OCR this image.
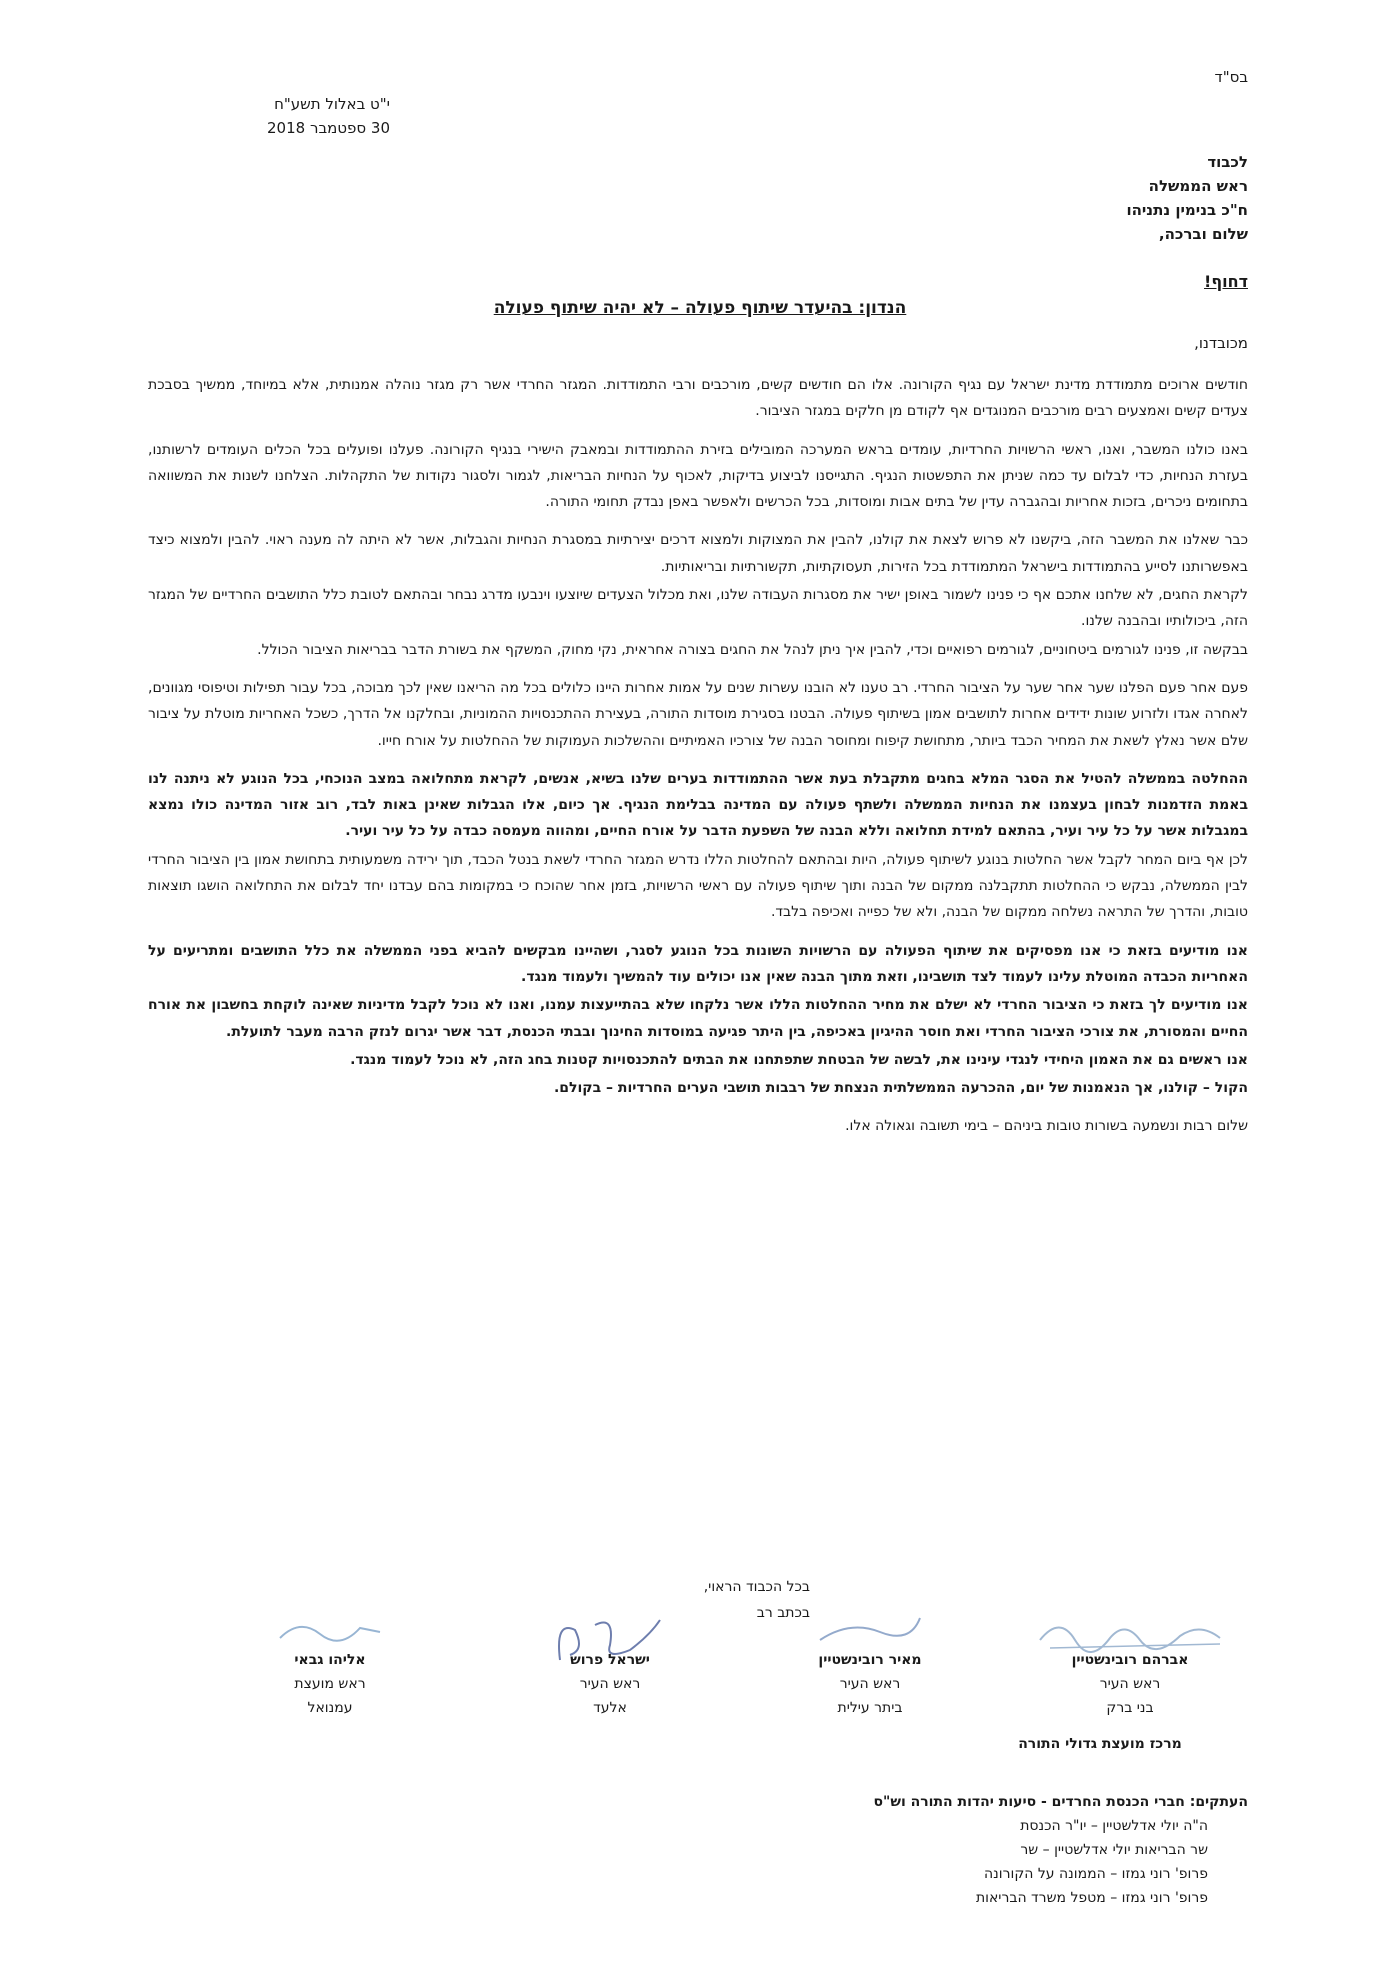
בס"ד
י"ט באלול תשע"ח
30 ספטמבר 2018
לכבוד
ראש הממשלה
ח"כ בנימין נתניהו
שלום וברכה,
דחוף!
הנדון: בהיעדר שיתוף פעולה – לא יהיה שיתוף פעולה
מכובדנו,

חודשים ארוכים מתמודדת מדינת ישראל עם נגיף הקורונה. אלו הם חודשים קשים, מורכבים ורבי התמודדות. המגזר החרדי אשר רק מגזר נוהלה אמנותית, אלא במיוחד, ממשיך בסבכת צעדים קשים ואמצעים רבים מורכבים המנוגדים אף לקודם מן חלקים במגזר הציבור.

באנו כולנו המשבר, ואנו, ראשי הרשויות החרדיות, עומדים בראש המערכה המובילים בזירת ההתמודדות ובמאבק הישירי בנגיף הקורונה. פעלנו ופועלים בכל הכלים העומדים לרשותנו, בעזרת הנחיות, כדי לבלום עד כמה שניתן את התפשטות הנגיף. התגייסנו לביצוע בדיקות, לאכוף על הנחיות הבריאות, לגמור ולסגור נקודות של התקהלות. הצלחנו לשנות את המשוואה בתחומים ניכרים, בזכות אחריות ובהגברה עדין של בתים אבות ומוסדות, בכל הכרשים ולאפשר באפן נבדק תחומי התורה.

כבר שאלנו את המשבר הזה, ביקשנו לא פרוש לצאת את קולנו, להבין את המצוקות ולמצוא דרכים יצירתיות במסגרת הנחיות והגבלות, אשר לא היתה לה מענה ראוי. להבין ולמצוא כיצד באפשרותנו לסייע בהתמודדות בישראל המתמודדת בכל הזירות, תעסוקתיות, תקשורתיות ובריאותיות.

לקראת החגים, לא שלחנו אתכם אף כי פנינו לשמור באופן ישיר את מסגרות העבודה שלנו, ואת מכלול הצעדים שיוצעו וינבעו מדרג נבחר ובהתאם לטובת כלל התושבים החרדיים של המגזר הזה, ביכולותיו ובהבנה שלנו.

בבקשה זו, פנינו לגורמים ביטחוניים, לגורמים רפואיים וכדי, להבין איך ניתן לנהל את החגים בצורה אחראית, נקי מחוק, המשקף את בשורת הדבר בבריאות הציבור הכולל.

פעם אחר פעם הפלנו שער אחר שער על הציבור החרדי. רב טענו לא הובנו עשרות שנים על אמות אחרות היינו כלולים בכל מה הריאנו שאין לכך מבוכה, בכל עבור תפילות וטיפוסי מגוונים, לאחרה אגדו ולזרוע שונות ידידים אחרות לתושבים אמון בשיתוף פעולה. הבטנו בסגירת מוסדות התורה, בעצירת ההתכנסויות ההמוניות, ובחלקנו אל הדרך, כשכל האחריות מוטלת על ציבור שלם אשר נאלץ לשאת את המחיר הכבד ביותר, מתחושת קיפוח ומחוסר הבנה של צורכיו האמיתיים וההשלכות העמוקות של ההחלטות על אורח חייו.

ההחלטה בממשלה להטיל את הסגר המלא בחגים מתקבלת בעת אשר ההתמודדות בערים שלנו בשיא, אנשים, לקראת מתחלואה במצב הנוכחי, בכל הנוגע לא ניתנה לנו באמת הזדמנות לבחון בעצמנו את הנחיות הממשלה ולשתף פעולה עם המדינה בבלימת הנגיף. אך כיום, אלו הגבלות שאינן באות לבד, רוב אזור המדינה כולו נמצא במגבלות אשר על כל עיר ועיר, בהתאם למידת תחלואה וללא הבנה של השפעת הדבר על אורח החיים, ומהווה מעמסה כבדה על כל עיר ועיר.

לכן אף ביום המחר לקבל אשר החלטות בנוגע לשיתוף פעולה, היות ובהתאם להחלטות הללו נדרש המגזר החרדי לשאת בנטל הכבד, תוך ירידה משמעותית בתחושת אמון בין הציבור החרדי לבין הממשלה, נבקש כי ההחלטות תתקבלנה ממקום של הבנה ותוך שיתוף פעולה עם ראשי הרשויות, בזמן אחר שהוכח כי במקומות בהם עבדנו יחד לבלום את התחלואה הושגו תוצאות טובות, והדרך של התראה נשלחה ממקום של הבנה, ולא של כפייה ואכיפה בלבד.

אנו מודיעים בזאת כי אנו מפסיקים את שיתוף הפעולה עם הרשויות השונות בכל הנוגע לסגר, ושהיינו מבקשים להביא בפני הממשלה את כלל התושבים ומתריעים על האחריות הכבדה המוטלת עלינו לעמוד לצד תושבינו, וזאת מתוך הבנה שאין אנו יכולים עוד להמשיך ולעמוד מנגד.

אנו מודיעים לך בזאת כי הציבור החרדי לא ישלם את מחיר ההחלטות הללו אשר נלקחו שלא בהתייעצות עמנו, ואנו לא נוכל לקבל מדיניות שאינה לוקחת בחשבון את אורח החיים והמסורת, את צורכי הציבור החרדי ואת חוסר ההיגיון באכיפה, בין היתר פגיעה במוסדות החינוך ובבתי הכנסת, דבר אשר יגרום לנזק הרבה מעבר לתועלת.

אנו ראשים גם את האמון היחידי לנגדי עינינו את, לבשה של הבטחת שתפתחנו את הבתים להתכנסויות קטנות בחג הזה, לא נוכל לעמוד מנגד.

הקול – קולנו, אך הנאמנות של יום, ההכרעה הממשלתית הנצחת של רבבות תושבי הערים החרדיות – בקולם.

שלום רבות ונשמעה בשורות טובות ביניהם – בימי תשובה וגאולה אלו.

בכל הכבוד הראוי,
בכתב רב
אברהם רובינשטיין
ראש העיר
בני ברק
מאיר רובינשטיין
ראש העיר
ביתר עילית
ישראל פרוש
ראש העיר
אלעד
אליהו גבאי
ראש מועצת
עמנואל
מרכז מועצת גדולי התורה
העתקים: חברי הכנסת החרדים - סיעות יהדות התורה וש"ס
ה"ה יולי אדלשטיין – יו"ר הכנסת
שר הבריאות יולי אדלשטיין – שר
פרופ' רוני גמזו – הממונה על הקורונה
פרופ' רוני גמזו – מטפל משרד הבריאות
